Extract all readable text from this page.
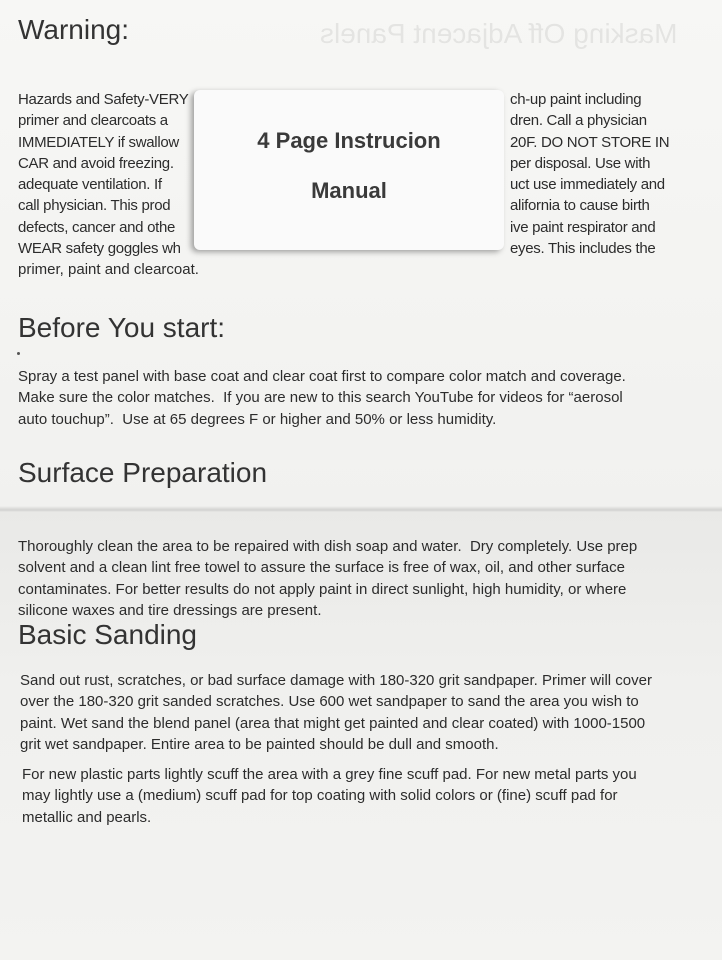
Masking Off Adjacent Panels
Warning:
Hazards and Safety-VERY	ch-up paint including
primer and clearcoats a	dren. Call a physician
IMMEDIATELY if swallow	20F. DO NOT STORE IN
CAR and avoid freezing.	per disposal. Use with
adequate ventilation. If	uct use immediately and
call physician. This prod	alifornia to cause birth
defects, cancer and othe	ive paint respirator and
WEAR safety goggles wh	eyes. This includes the
primer, paint and clearcoat.
4 Page Instrucion
Manual
Before You start:
Spray a test panel with base coat and clear coat first to compare color match and coverage.
Make sure the color matches.  If you are new to this search YouTube for videos for “aerosol
auto touchup”.  Use at 65 degrees F or higher and 50% or less humidity.
Surface Preparation
Thoroughly clean the area to be repaired with dish soap and water.  Dry completely. Use prep
solvent and a clean lint free towel to assure the surface is free of wax, oil, and other surface
contaminates. For better results do not apply paint in direct sunlight, high humidity, or where
silicone waxes and tire dressings are present.
Basic Sanding
Sand out rust, scratches, or bad surface damage with 180-320 grit sandpaper. Primer will cover
over the 180-320 grit sanded scratches. Use 600 wet sandpaper to sand the area you wish to
paint. Wet sand the blend panel (area that might get painted and clear coated) with 1000-1500
grit wet sandpaper. Entire area to be painted should be dull and smooth.
For new plastic parts lightly scuff the area with a grey fine scuff pad. For new metal parts you
may lightly use a (medium) scuff pad for top coating with solid colors or (fine) scuff pad for
metallic and pearls.
